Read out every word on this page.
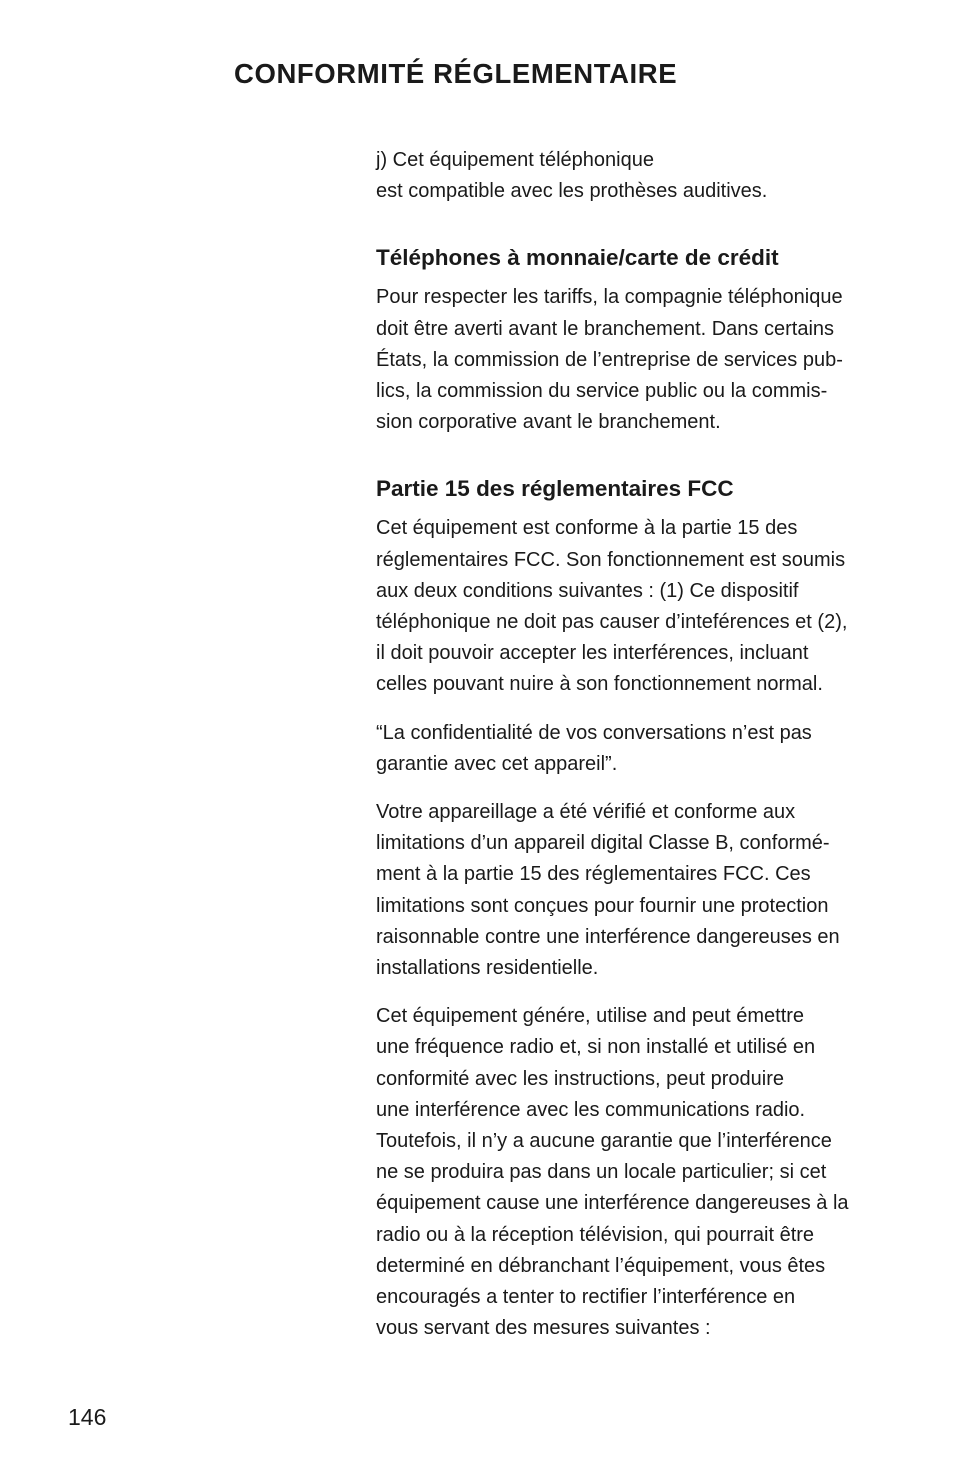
CONFORMITÉ RÉGLEMENTAIRE

j) Cet équipement téléphonique
est compatible avec les prothèses auditives.

Téléphones à monnaie/carte de crédit

Pour respecter les tariffs, la compagnie téléphonique
doit être averti avant le branchement. Dans certains
États, la commission de l’entreprise de services pub-
lics, la commission du service public ou la commis-
sion corporative avant le branchement.

Partie 15 des réglementaires FCC

Cet équipement est conforme à la partie 15 des
réglementaires FCC. Son fonctionnement est soumis
aux deux conditions suivantes : (1) Ce dispositif
téléphonique ne doit pas causer d’inteférences et (2),
il doit pouvoir accepter les interférences, incluant
celles pouvant nuire à son fonctionnement normal.

“La confidentialité de vos conversations n’est pas
garantie avec cet appareil”.

Votre appareillage a été vérifié et conforme aux
limitations d’un appareil digital Classe B, conformé-
ment à la partie 15 des réglementaires FCC. Ces
limitations sont conçues pour fournir une protection
raisonnable contre une interférence dangereuses en
installations residentielle.

Cet équipement génére, utilise and peut émettre
une fréquence radio et, si non installé et utilisé en
conformité avec les instructions, peut produire
une interférence avec les communications radio.
Toutefois, il n’y a aucune garantie que l’interférence
ne se produira pas dans un locale particulier; si cet
équipement cause une interférence dangereuses à la
radio ou à la réception télévision, qui pourrait être
determiné en débranchant l’équipement, vous êtes
encouragés a tenter to rectifier l’interférence en
vous servant des mesures suivantes :

146
